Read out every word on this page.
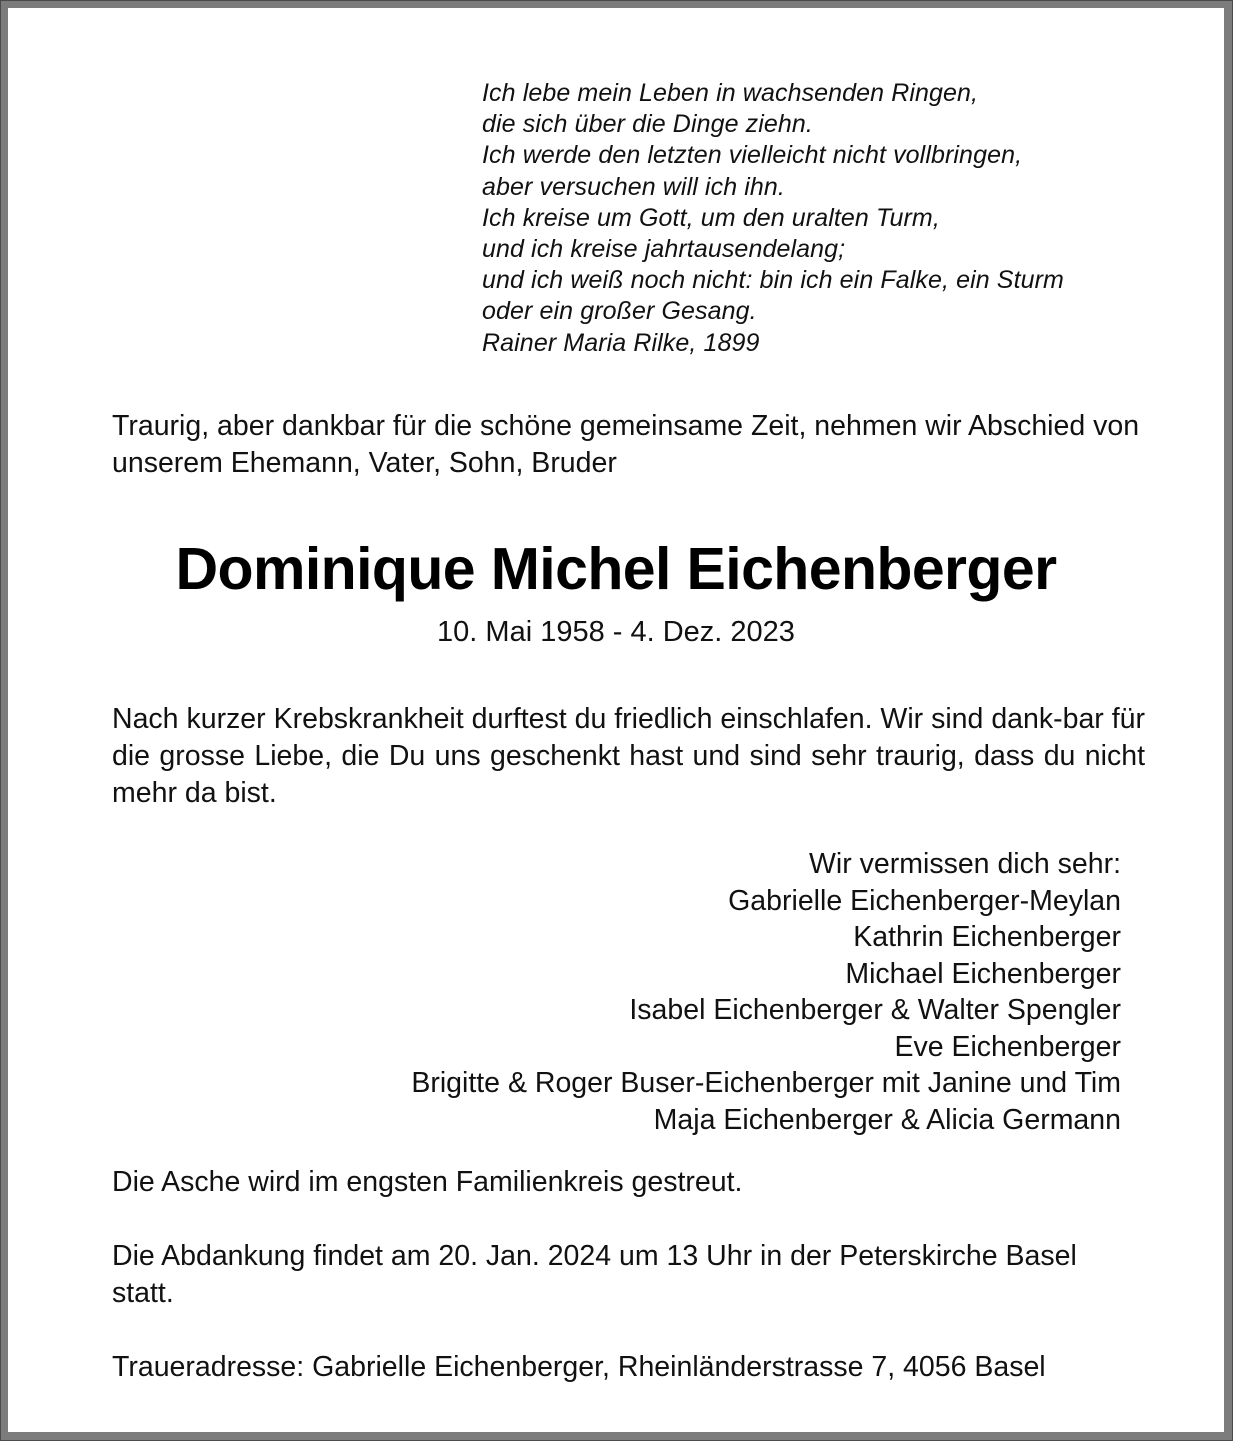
Ich lebe mein Leben in wachsenden Ringen,
die sich über die Dinge ziehn.
Ich werde den letzten vielleicht nicht vollbringen,
aber versuchen will ich ihn.
Ich kreise um Gott, um den uralten Turm,
und ich kreise jahrtausendelang;
und ich weiß noch nicht: bin ich ein Falke, ein Sturm
oder ein großer Gesang.
Rainer Maria Rilke, 1899
Traurig, aber dankbar für die schöne gemeinsame Zeit, nehmen wir Abschied von unserem Ehemann, Vater, Sohn, Bruder
Dominique Michel Eichenberger
10. Mai 1958 - 4. Dez. 2023
Nach kurzer Krebskrankheit durftest du friedlich einschlafen. Wir sind dank-bar für die grosse Liebe, die Du uns geschenkt hast und sind sehr traurig, dass du nicht mehr da bist.
Wir vermissen dich sehr:
Gabrielle Eichenberger-Meylan
Kathrin Eichenberger
Michael Eichenberger
Isabel Eichenberger & Walter Spengler
Eve Eichenberger
Brigitte & Roger Buser-Eichenberger mit Janine und Tim
Maja Eichenberger & Alicia Germann
Die Asche wird im engsten Familienkreis gestreut.
Die Abdankung findet am 20. Jan. 2024 um 13 Uhr in der Peterskirche Basel statt.
Traueradresse: Gabrielle Eichenberger, Rheinländerstrasse 7, 4056 Basel
